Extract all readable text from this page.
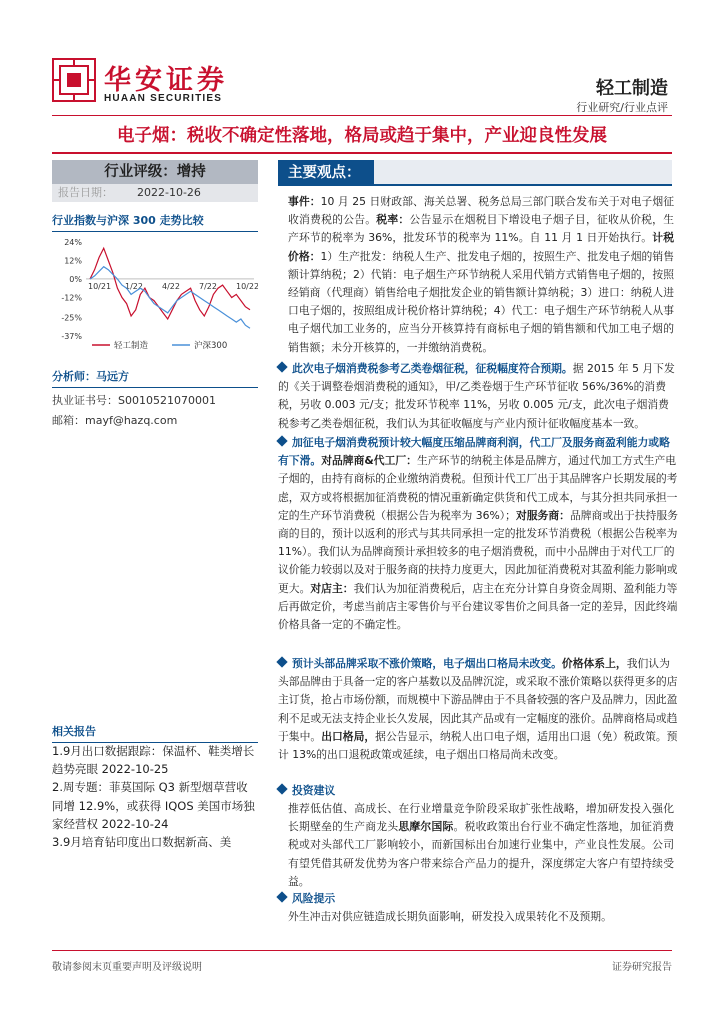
华安证券
HUAAN SECURITIES	轻工制造
行业研究/行业点评
电子烟：税收不确定性落地，格局或趋于集中，产业迎良性发展
行业评级：增持
报告日期： 2022-10-26
行业指数与沪深 300 走势比较
24%
12%
0%
-12%
-25%
-37%
10/21 1/22 4/22 7/22 10/22
轻工制造	沪深300
分析师：马远方
执业证书号：S0010521070001
邮箱：mayf@hazq.com
相关报告
1.9月出口数据跟踪：保温杯、鞋类增长趋势亮眼 2022-10-25
2.周专题：菲莫国际 Q3 新型烟草营收同增 12.9%，或获得 IQOS 美国市场独家经营权 2022-10-24
3.9月培育钻印度出口数据新高、美
主要观点：
事件：10 月 25 日财政部、海关总署、税务总局三部门联合发布关于对电子烟征收消费税的公告。税率：公告显示在烟税目下增设电子烟子目，征收从价税，生产环节的税率为 36%，批发环节的税率为 11%。自 11 月 1 日开始执行。计税价格：1）生产批发：纳税人生产、批发电子烟的，按照生产、批发电子烟的销售额计算纳税；2）代销：电子烟生产环节纳税人采用代销方式销售电子烟的，按照经销商（代理商）销售给电子烟批发企业的销售额计算纳税；3）进口：纳税人进口电子烟的，按照组成计税价格计算纳税；4）代工：电子烟生产环节纳税人从事电子烟代加工业务的，应当分开核算持有商标电子烟的销售额和代加工电子烟的销售额；未分开核算的，一并缴纳消费税。
此次电子烟消费税参考乙类卷烟征税，征税幅度符合预期。据 2015 年 5 月下发的《关于调整卷烟消费税的通知》，甲/乙类卷烟于生产环节征收 56%/36%的消费税，另收 0.003 元/支；批发环节税率 11%，另收 0.005 元/支，此次电子烟消费税参考乙类卷烟征税，我们认为其征收幅度与产业内预计征收幅度基本一致。
加征电子烟消费税预计较大幅度压缩品牌商利润，代工厂及服务商盈利能力或略有下滑。对品牌商&代工厂：生产环节的纳税主体是品牌方，通过代加工方式生产电子烟的，由持有商标的企业缴纳消费税。但预计代工厂出于其品牌客户长期发展的考虑，双方或将根据加征消费税的情况重新确定供货和代工成本，与其分担共同承担一定的生产环节消费税（根据公告为税率为 36%）；对服务商：品牌商或出于扶持服务商的目的，预计以返利的形式与其共同承担一定的批发环节消费税（根据公告税率为 11%）。我们认为品牌商预计承担较多的电子烟消费税，而中小品牌由于对代工厂的议价能力较弱以及对于服务商的扶持力度更大，因此加征消费税对其盈利能力影响或更大。对店主：我们认为加征消费税后，店主在充分计算自身资金周期、盈利能力等后再做定价，考虑当前店主零售价与平台建议零售价之间具备一定的差异，因此终端价格具备一定的不确定性。
预计头部品牌采取不涨价策略，电子烟出口格局未改变。价格体系上，我们认为头部品牌由于具备一定的客户基数以及品牌沉淀，或采取不涨价策略以获得更多的店主订货，抢占市场份额，而规模中下游品牌由于不具备较强的客户及品牌力，因此盈利不足或无法支持企业长久发展，因此其产品或有一定幅度的涨价。品牌商格局或趋于集中。出口格局，据公告显示，纳税人出口电子烟，适用出口退（免）税政策。预计 13%的出口退税政策或延续，电子烟出口格局尚未改变。
投资建议
推荐低估值、高成长、在行业增量竞争阶段采取扩张性战略，增加研发投入强化长期壁垒的生产商龙头思摩尔国际。税收政策出台行业不确定性落地，加征消费税或对头部代工厂影响较小，而新国标出台加速行业集中，产业良性发展。公司有望凭借其研发优势为客户带来综合产品力的提升，深度绑定大客户有望持续受益。
风险提示
外生冲击对供应链造成长期负面影响，研发投入成果转化不及预期。
敬请参阅末页重要声明及评级说明	证券研究报告
